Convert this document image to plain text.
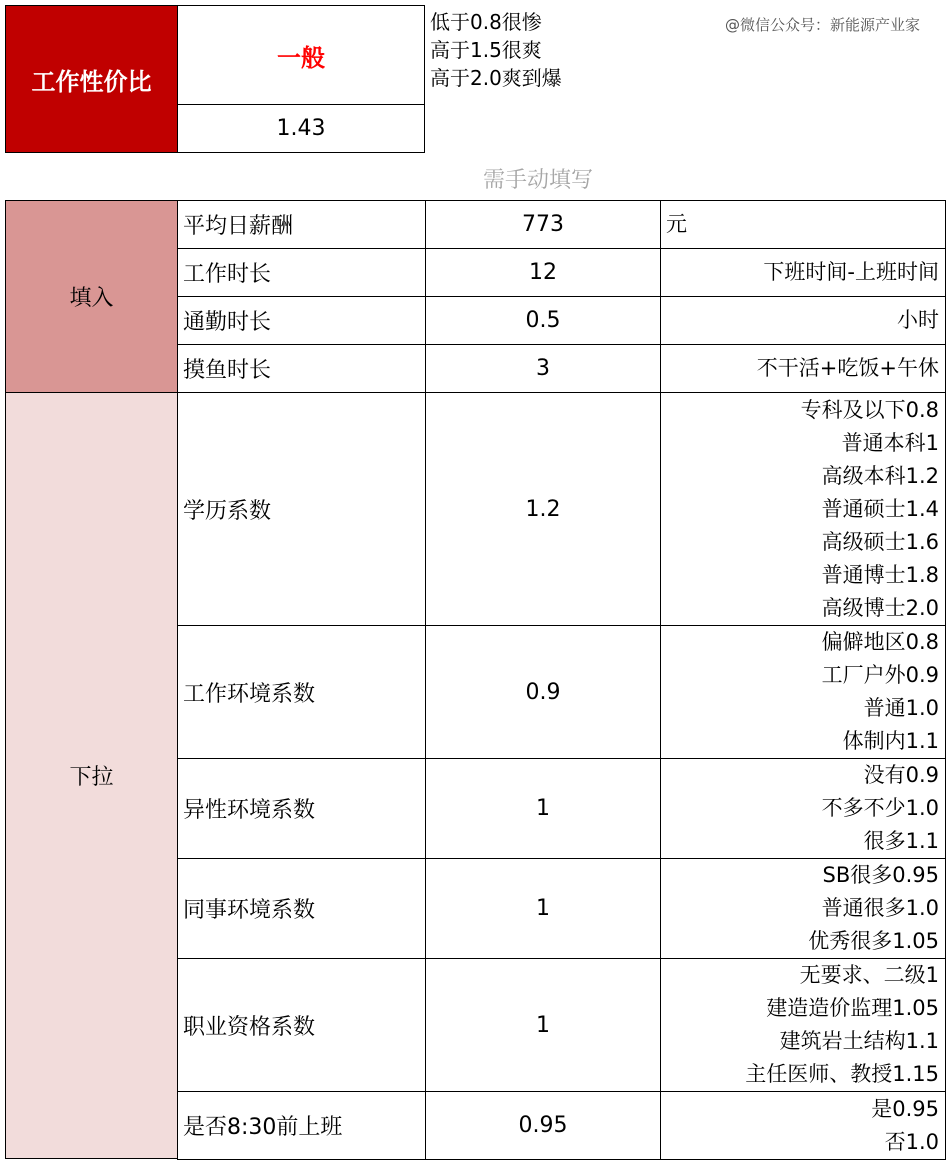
工作性价比
一般
1.43
低于0.8很惨
高于1.5很爽
高于2.0爽到爆
@微信公众号：新能源产业家
需手动填写
填入
下拉
平均日薪酬	773	元
工作时长	12	下班时间-上班时间
通勤时长	0.5	小时
摸鱼时长	3	不干活+吃饭+午休
学历系数	1.2
专科及以下0.8
普通本科1
高级本科1.2
普通硕士1.4
高级硕士1.6
普通博士1.8
高级博士2.0
工作环境系数	0.9
偏僻地区0.8
工厂户外0.9
普通1.0
体制内1.1
异性环境系数	1
没有0.9
不多不少1.0
很多1.1
同事环境系数	1
SB很多0.95
普通很多1.0
优秀很多1.05
职业资格系数	1
无要求、二级1
建造造价监理1.05
建筑岩土结构1.1
主任医师、教授1.15
是否8:30前上班	0.95
是0.95
否1.0
